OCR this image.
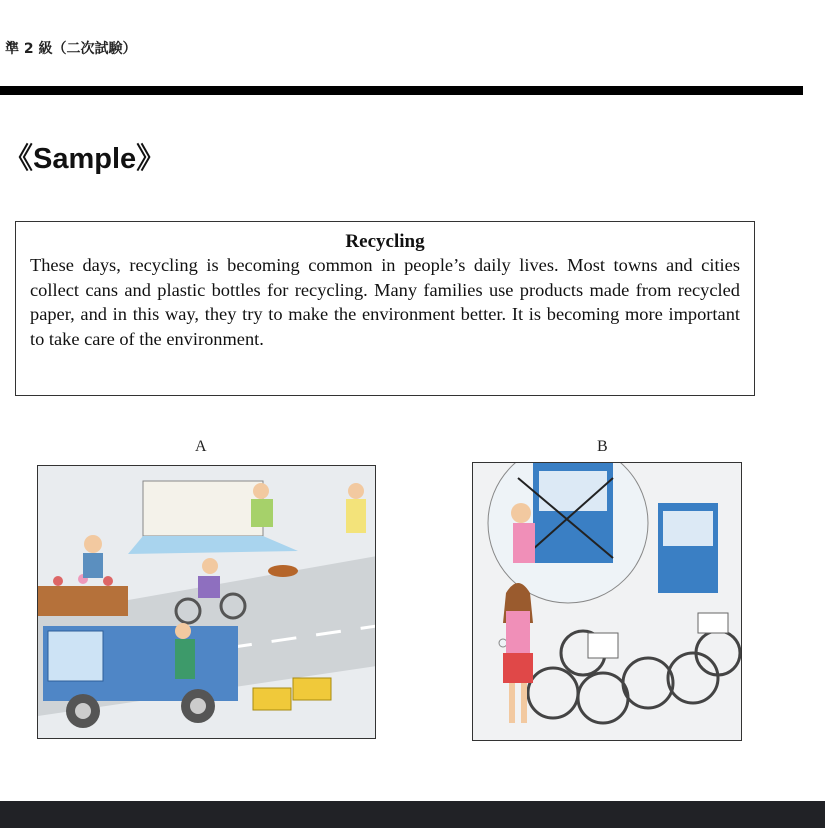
準 2 級（二次試験）
《Sample》
Recycling

These days, recycling is becoming common in people’s daily lives. Most towns and cities collect cans and plastic bottles for recycling. Many families use products made from recycled paper, and in this way, they try to make the environment better. It is becoming more important to take care of the environment.

A	B
